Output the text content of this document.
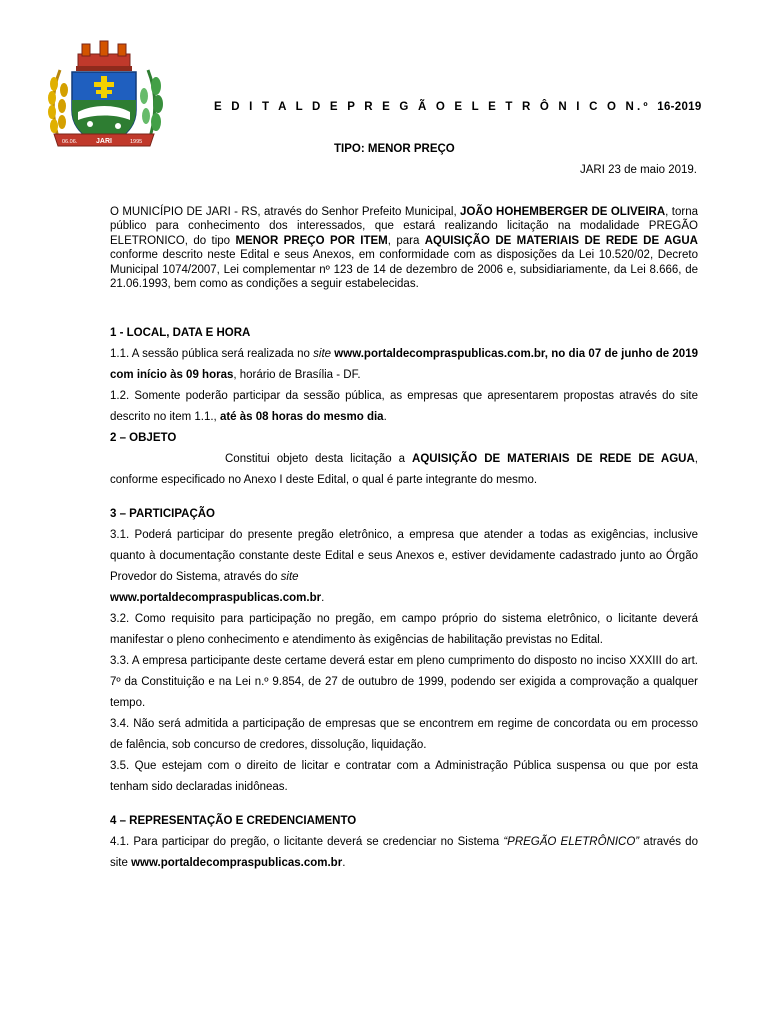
06.06.	JARI	1995
E D I T A L D E P R E G Ã O E L E T R Ô N I C O N.º 16-2019
TIPO: MENOR PREÇO
JARI 23 de maio 2019.
O MUNICÍPIO DE JARI - RS, através do Senhor Prefeito Municipal, JOÃO HOHEMBERGER DE OLIVEIRA, torna público para conhecimento dos interessados, que estará realizando licitação na modalidade PREGÃO ELETRONICO, do tipo MENOR PREÇO POR ITEM, para AQUISIÇÃO DE MATERIAIS DE REDE DE AGUA conforme descrito neste Edital e seus Anexos, em conformidade com as disposições da Lei 10.520/02, Decreto Municipal 1074/2007, Lei complementar nº 123 de 14 de dezembro de 2006 e, subsidiariamente, da Lei 8.666, de 21.06.1993, bem como as condições a seguir estabelecidas.

1 - LOCAL, DATA E HORA

1.1. A sessão pública será realizada no site www.portaldecompraspublicas.com.br, no dia 07 de junho de 2019 com início às 09 horas, horário de Brasília - DF.

1.2. Somente poderão participar da sessão pública, as empresas que apresentarem propostas através do site descrito no item 1.1., até às 08 horas do mesmo dia.

2 – OBJETO

Constitui objeto desta licitação a AQUISIÇÃO DE MATERIAIS DE REDE DE AGUA, conforme especificado no Anexo I deste Edital, o qual é parte integrante do mesmo.

3 – PARTICIPAÇÃO

3.1. Poderá participar do presente pregão eletrônico, a empresa que atender a todas as exigências, inclusive quanto à documentação constante deste Edital e seus Anexos e, estiver devidamente cadastrado junto ao Órgão Provedor do Sistema, através do site
www.portaldecompraspublicas.com.br.

3.2. Como requisito para participação no pregão, em campo próprio do sistema eletrônico, o licitante deverá manifestar o pleno conhecimento e atendimento às exigências de habilitação previstas no Edital.

3.3. A empresa participante deste certame deverá estar em pleno cumprimento do disposto no inciso XXXIII do art. 7º da Constituição e na Lei n.º 9.854, de 27 de outubro de 1999, podendo ser exigida a comprovação a qualquer tempo.

3.4. Não será admitida a participação de empresas que se encontrem em regime de concordata ou em processo de falência, sob concurso de credores, dissolução, liquidação.

3.5. Que estejam com o direito de licitar e contratar com a Administração Pública suspensa ou que por esta tenham sido declaradas inidôneas.

4 – REPRESENTAÇÃO E CREDENCIAMENTO

4.1. Para participar do pregão, o licitante deverá se credenciar no Sistema “PREGÃO ELETRÔNICO” através do site www.portaldecompraspublicas.com.br.
